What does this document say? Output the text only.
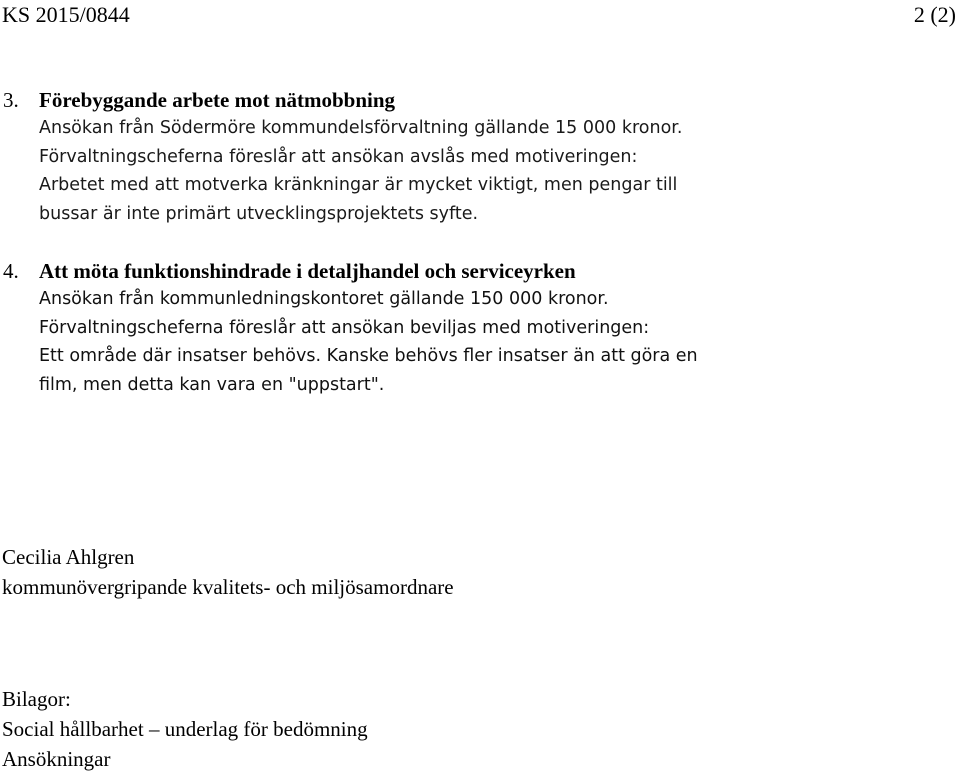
KS 2015/0844	2 (2)
3. Förebyggande arbete mot nätmobbning
Ansökan från Södermöre kommundelsförvaltning gällande 15 000 kronor.
Förvaltningscheferna föreslår att ansökan avslås med motiveringen:
Arbetet med att motverka kränkningar är mycket viktigt, men pengar till
bussar är inte primärt utvecklingsprojektets syfte.
4. Att möta funktionshindrade i detaljhandel och serviceyrken
Ansökan från kommunledningskontoret gällande 150 000 kronor.
Förvaltningscheferna föreslår att ansökan beviljas med motiveringen:
Ett område där insatser behövs. Kanske behövs fler insatser än att göra en
film, men detta kan vara en "uppstart".
Cecilia Ahlgren
kommunövergripande kvalitets- och miljösamordnare
Bilagor:
Social hållbarhet – underlag för bedömning
Ansökningar
